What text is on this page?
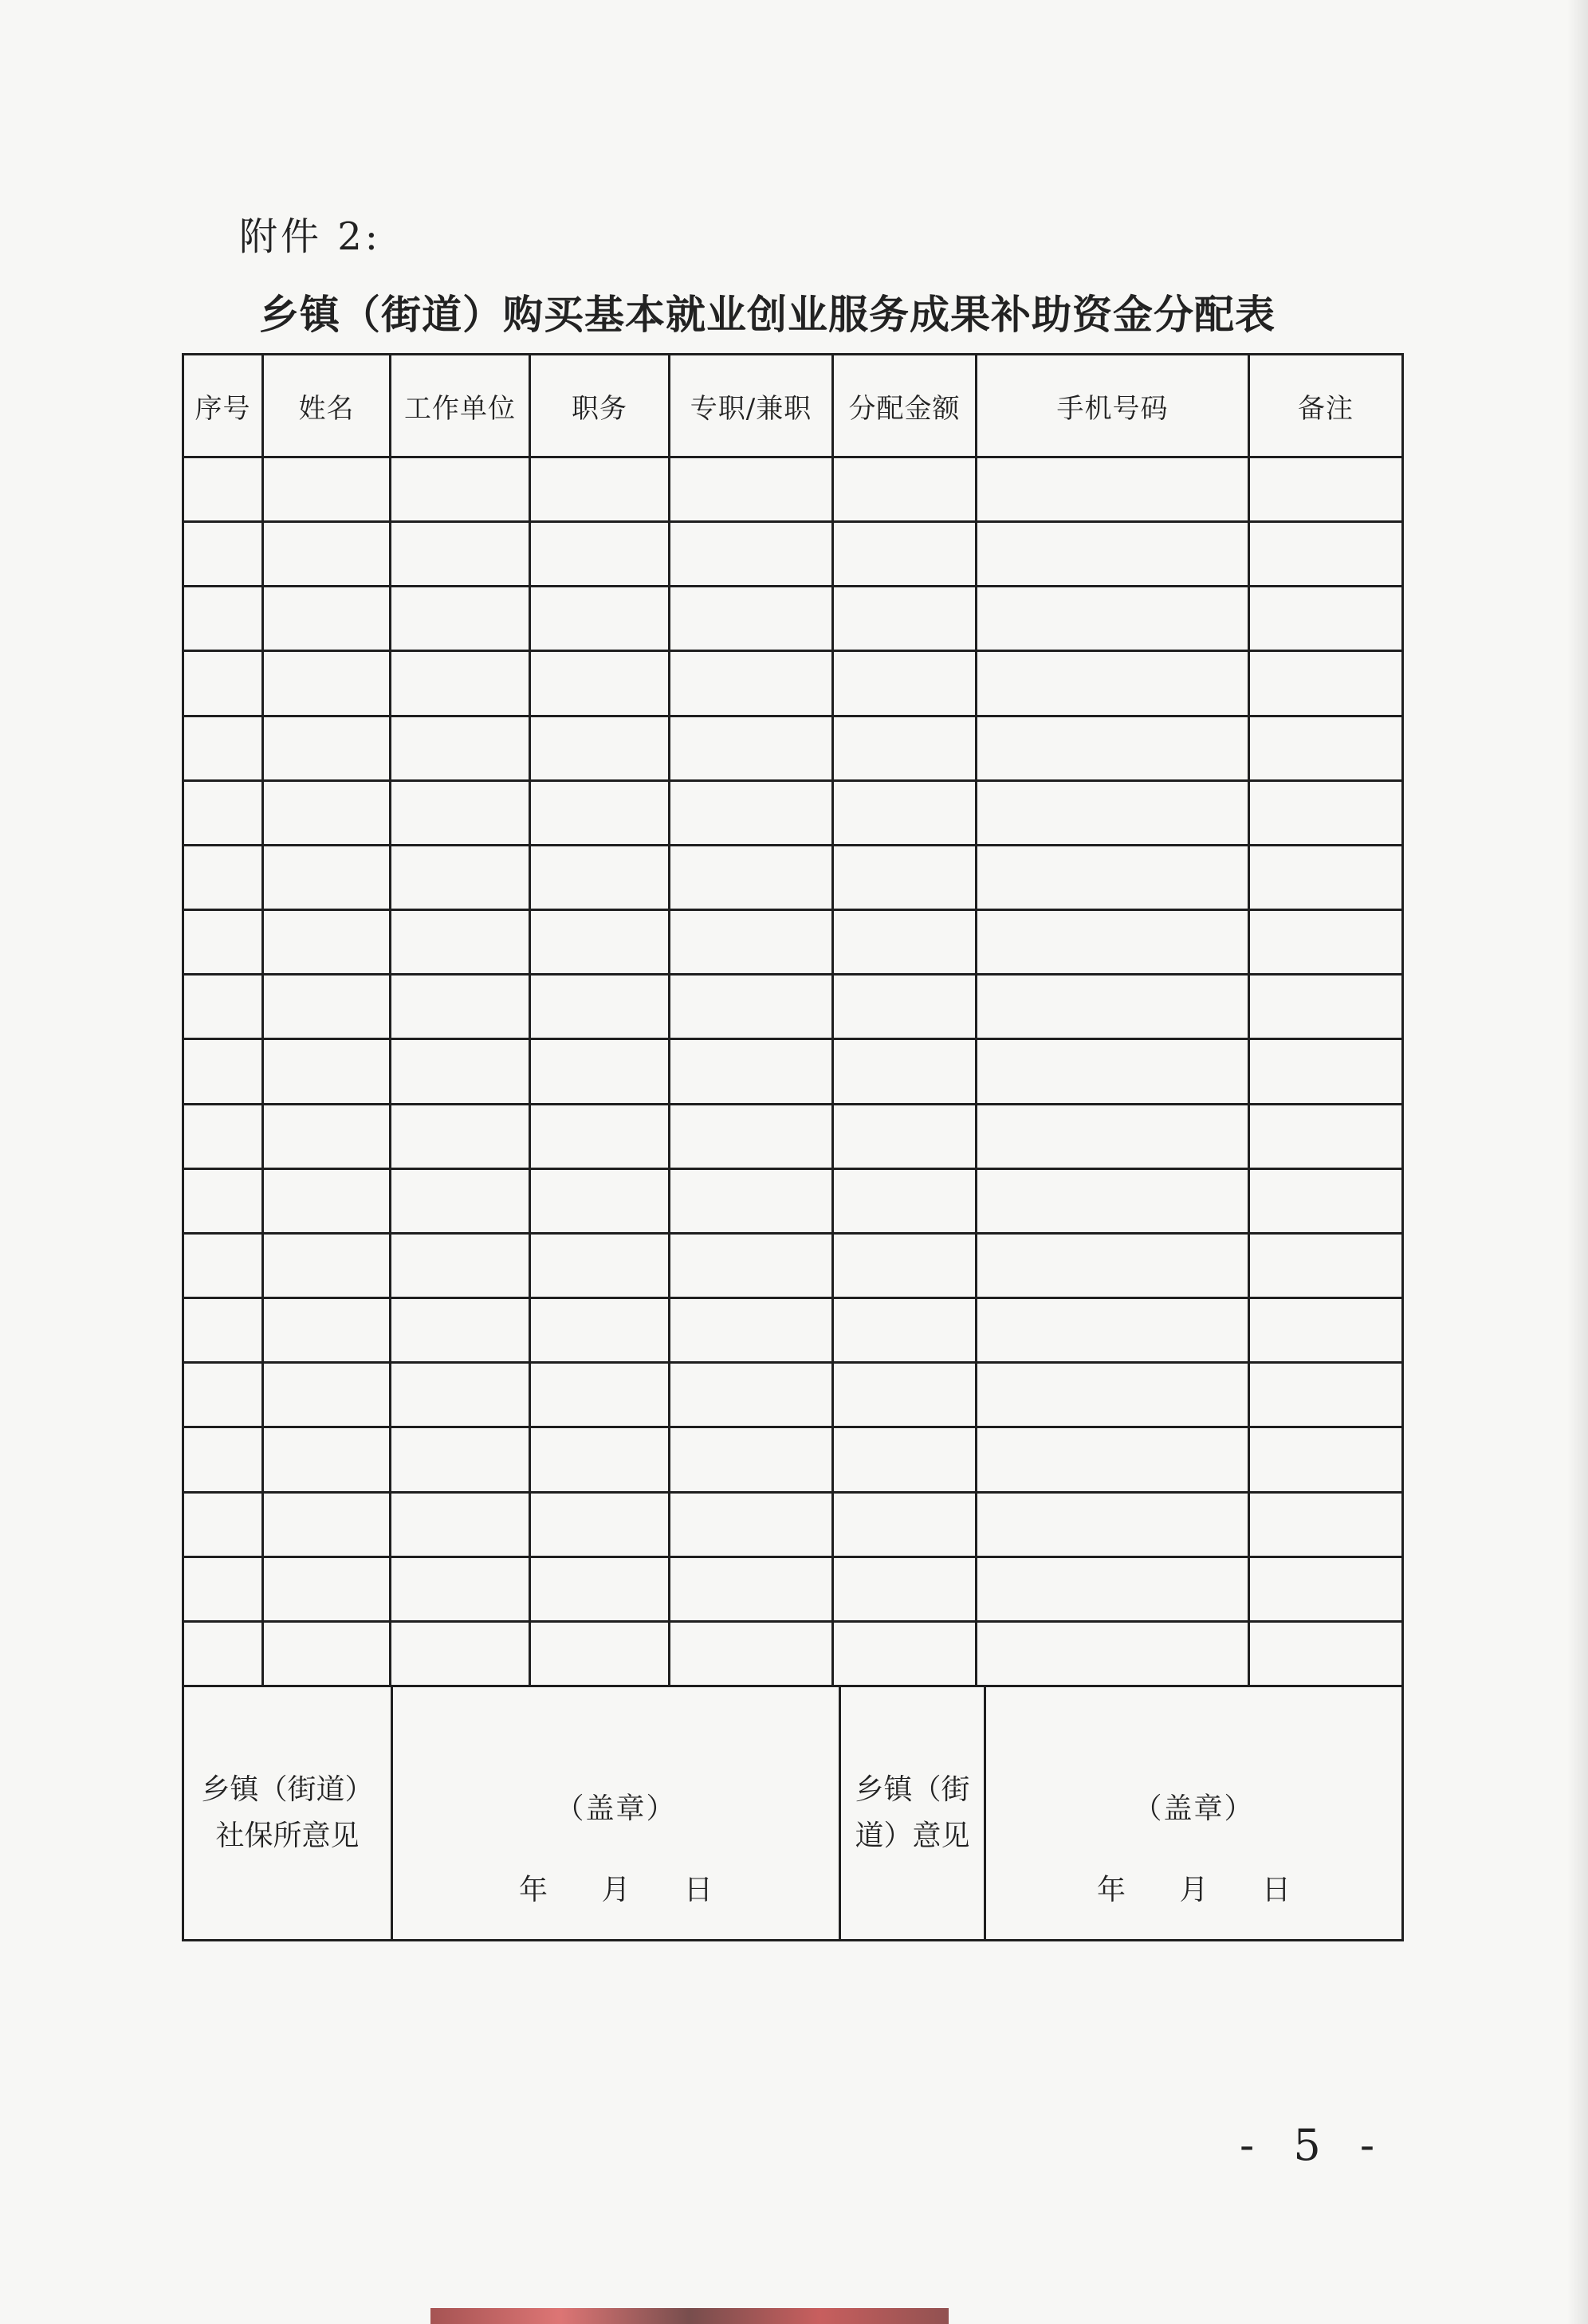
附件 2:
乡镇（街道）购买基本就业创业服务成果补助资金分配表
序号	姓名	工作单位	职务	专职/兼职	分配金额	手机号码	备注

乡镇（街道）社保所意见

（盖章）
年 月 日

乡镇（街道）意见

（盖章）
年 月 日
- 5 -
